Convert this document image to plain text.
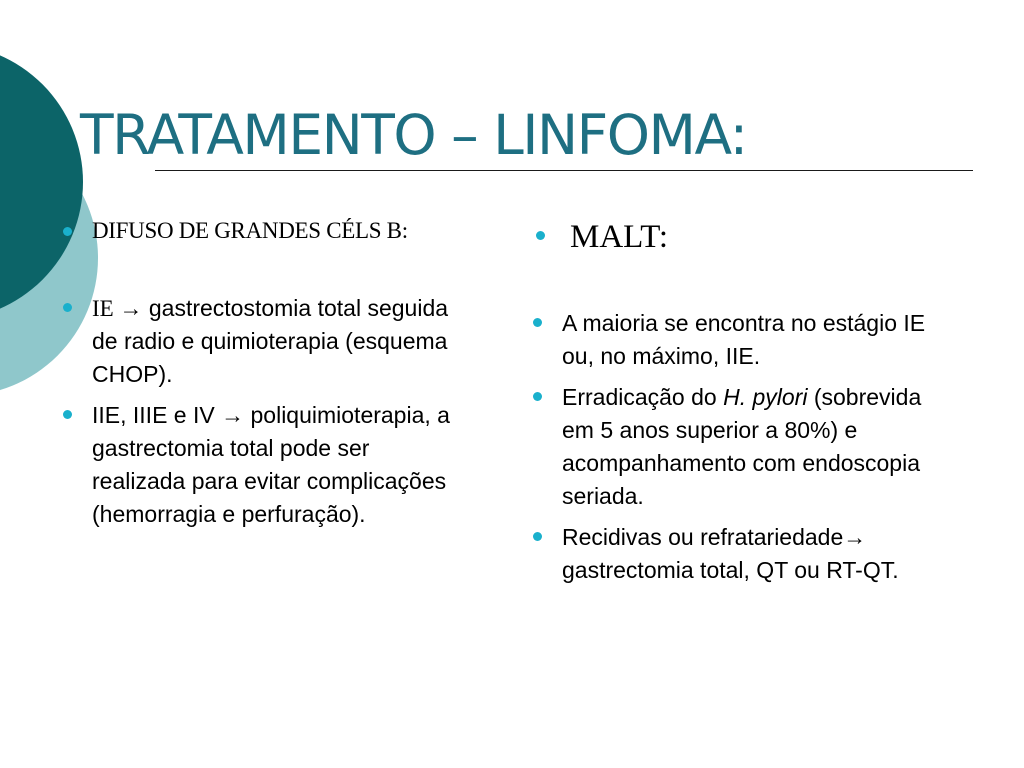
TRATAMENTO – LINFOMA:
DIFUSO DE GRANDES CÉLS B:
IE → gastrectostomia total seguida de radio e quimioterapia (esquema CHOP).
IIE, IIIE e IV → poliquimioterapia, a gastrectomia total pode ser realizada para evitar complicações (hemorragia e perfuração).
MALT:
A maioria se encontra no estágio IE ou, no máximo, IIE.
Erradicação do H. pylori (sobrevida em 5 anos superior a 80%) e acompanhamento com endoscopia seriada.
Recidivas ou refratariedade→ gastrectomia total, QT ou RT-QT.
